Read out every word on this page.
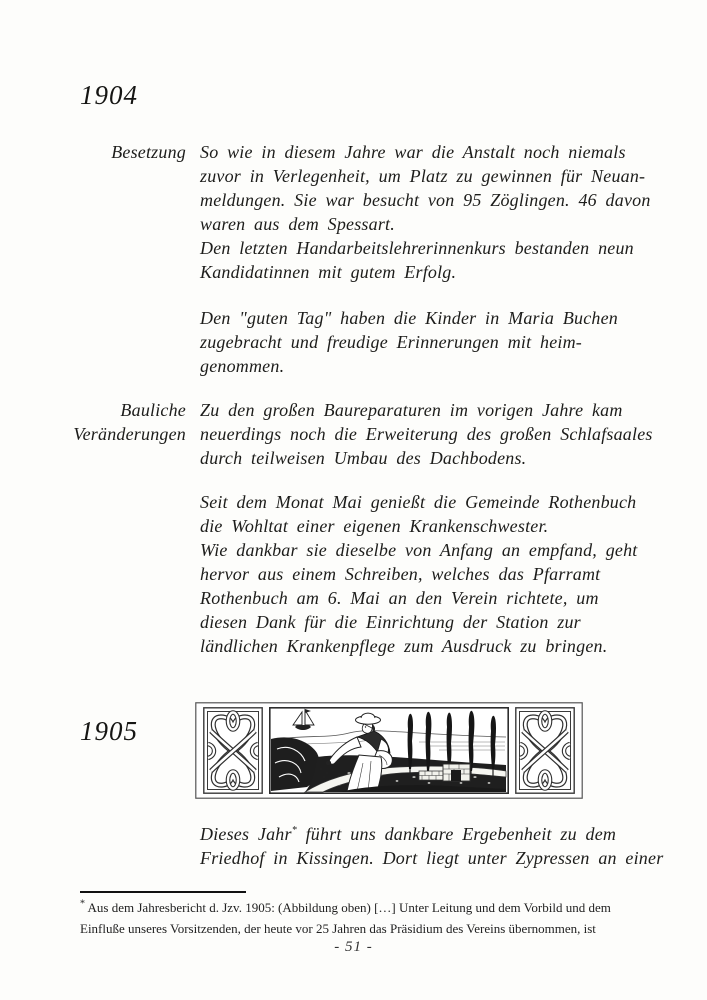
1904
Besetzung So wie in diesem Jahre war die Anstalt noch niemals
zuvor in Verlegenheit, um Platz zu gewinnen für Neuan-
meldungen. Sie war besucht von 95 Zöglingen. 46 davon
waren aus dem Spessart.
Den letzten Handarbeitslehrerinnenkurs bestanden neun
Kandidatinnen mit gutem Erfolg.
Den "guten Tag" haben die Kinder in Maria Buchen
zugebracht und freudige Erinnerungen mit heim-
genommen.
Bauliche
Veränderungen
Zu den großen Baureparaturen im vorigen Jahre kam
neuerdings noch die Erweiterung des großen Schlafsaales
durch teilweisen Umbau des Dachbodens.
Seit dem Monat Mai genießt die Gemeinde Rothenbuch
die Wohltat einer eigenen Krankenschwester.
Wie dankbar sie dieselbe von Anfang an empfand, geht
hervor aus einem Schreiben, welches das Pfarramt
Rothenbuch am 6. Mai an den Verein richtete, um
diesen Dank für die Einrichtung der Station zur
ländlichen Krankenpflege zum Ausdruck zu bringen.
1905
Dieses Jahr* führt uns dankbare Ergebenheit zu dem
Friedhof in Kissingen. Dort liegt unter Zypressen an einer
* Aus dem Jahresbericht d. Jzv. 1905: (Abbildung oben) […] Unter Leitung und dem Vorbild und dem
Einfluße unseres Vorsitzenden, der heute vor 25 Jahren das Präsidium des Vereins übernommen, ist
- 51 -
